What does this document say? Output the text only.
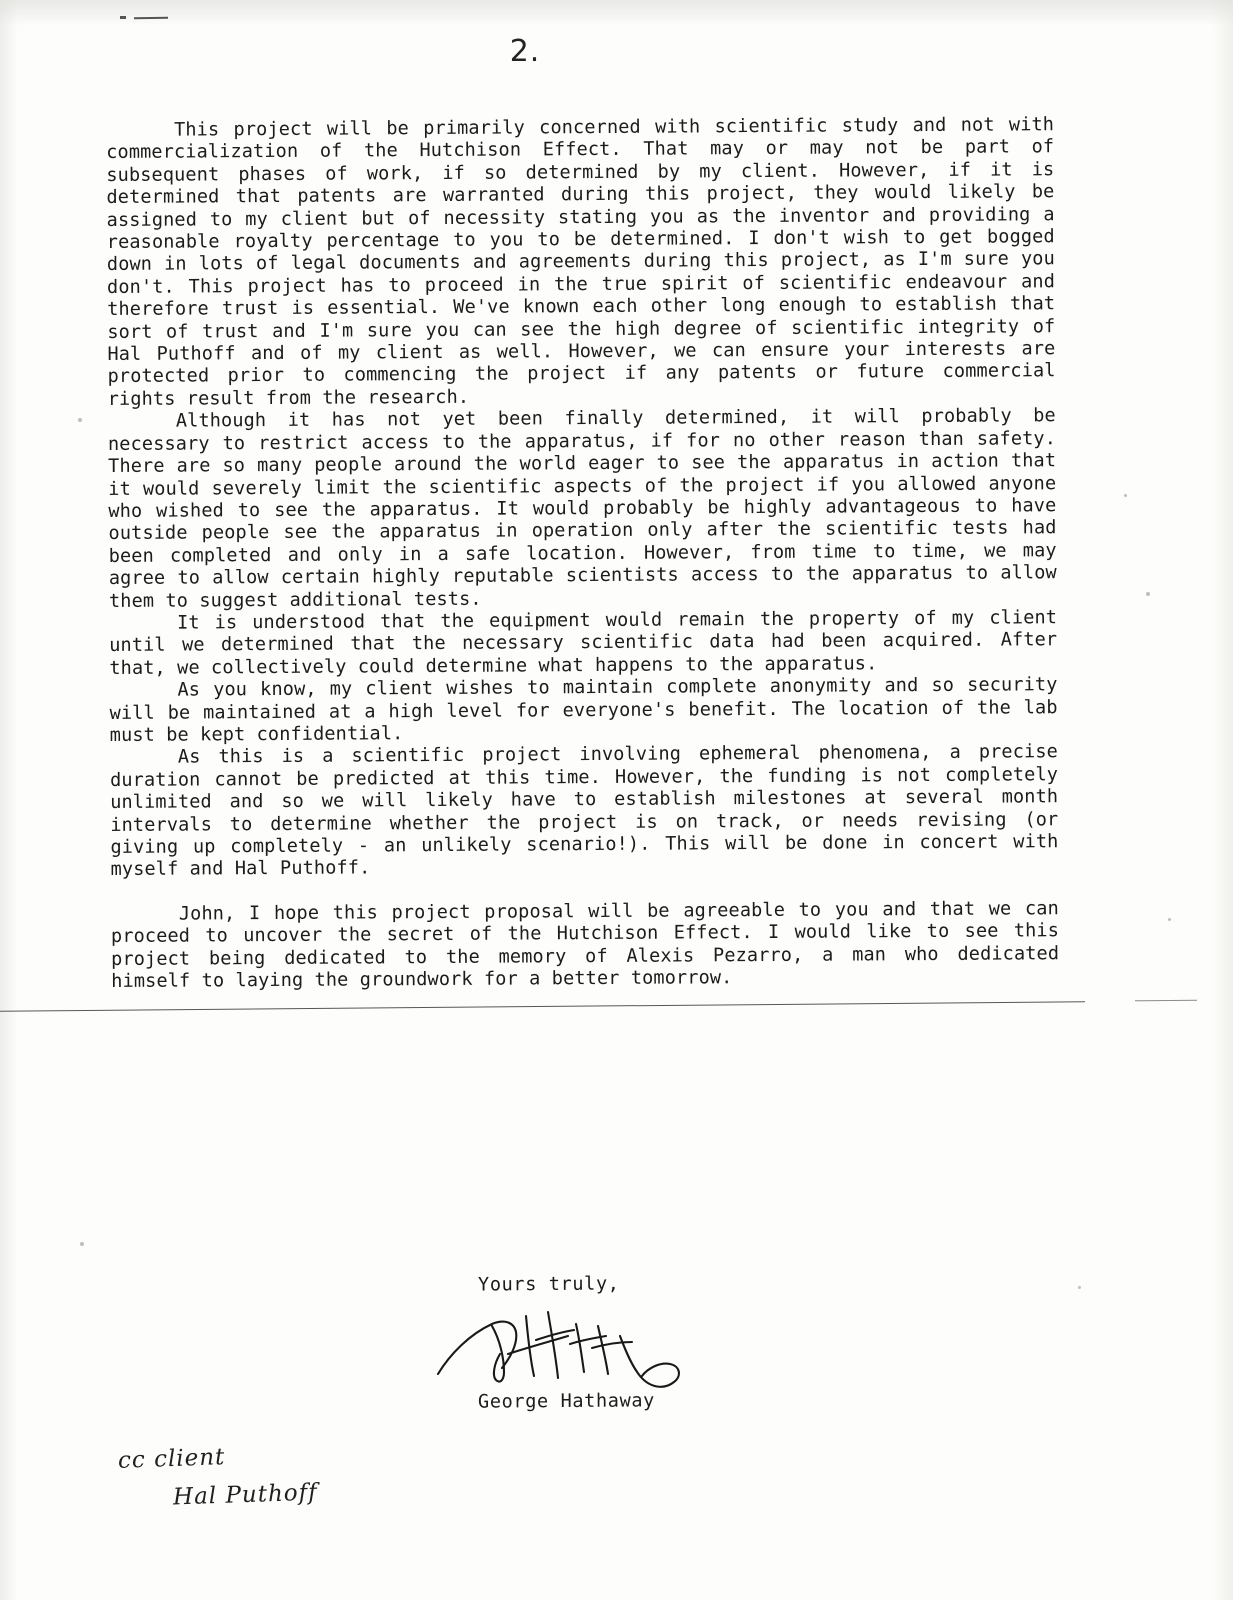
2.

This project will be primarily concerned with scientific study and not with commercialization of the Hutchison Effect. That may or may not be part of subsequent phases of work, if so determined by my client. However, if it is determined that patents are warranted during this project, they would likely be assigned to my client but of necessity stating you as the inventor and providing a reasonable royalty percentage to you to be determined. I don't wish to get bogged down in lots of legal documents and agreements during this project, as I'm sure you don't. This project has to proceed in the true spirit of scientific endeavour and therefore trust is essential. We've known each other long enough to establish that sort of trust and I'm sure you can see the high degree of scientific integrity of Hal Puthoff and of my client as well. However, we can ensure your interests are protected prior to commencing the project if any patents or future commercial rights result from the research.

Although it has not yet been finally determined, it will probably be necessary to restrict access to the apparatus, if for no other reason than safety. There are so many people around the world eager to see the apparatus in action that it would severely limit the scientific aspects of the project if you allowed anyone who wished to see the apparatus. It would probably be highly advantageous to have outside people see the apparatus in operation only after the scientific tests had been completed and only in a safe location. However, from time to time, we may agree to allow certain highly reputable scientists access to the apparatus to allow them to suggest additional tests.

It is understood that the equipment would remain the property of my client until we determined that the necessary scientific data had been acquired. After that, we collectively could determine what happens to the apparatus.

As you know, my client wishes to maintain complete anonymity and so security will be maintained at a high level for everyone's benefit. The location of the lab must be kept confidential.

As this is a scientific project involving ephemeral phenomena, a precise duration cannot be predicted at this time. However, the funding is not completely unlimited and so we will likely have to establish milestones at several month intervals to determine whether the project is on track, or needs revising (or giving up completely - an unlikely scenario!). This will be done in concert with myself and Hal Puthoff.

John, I hope this project proposal will be agreeable to you and that we can proceed to uncover the secret of the Hutchison Effect. I would like to see this project being dedicated to the memory of Alexis Pezarro, a man who dedicated himself to laying the groundwork for a better tomorrow.

Yours truly,
George Hathaway
cc client
Hal Puthoff
